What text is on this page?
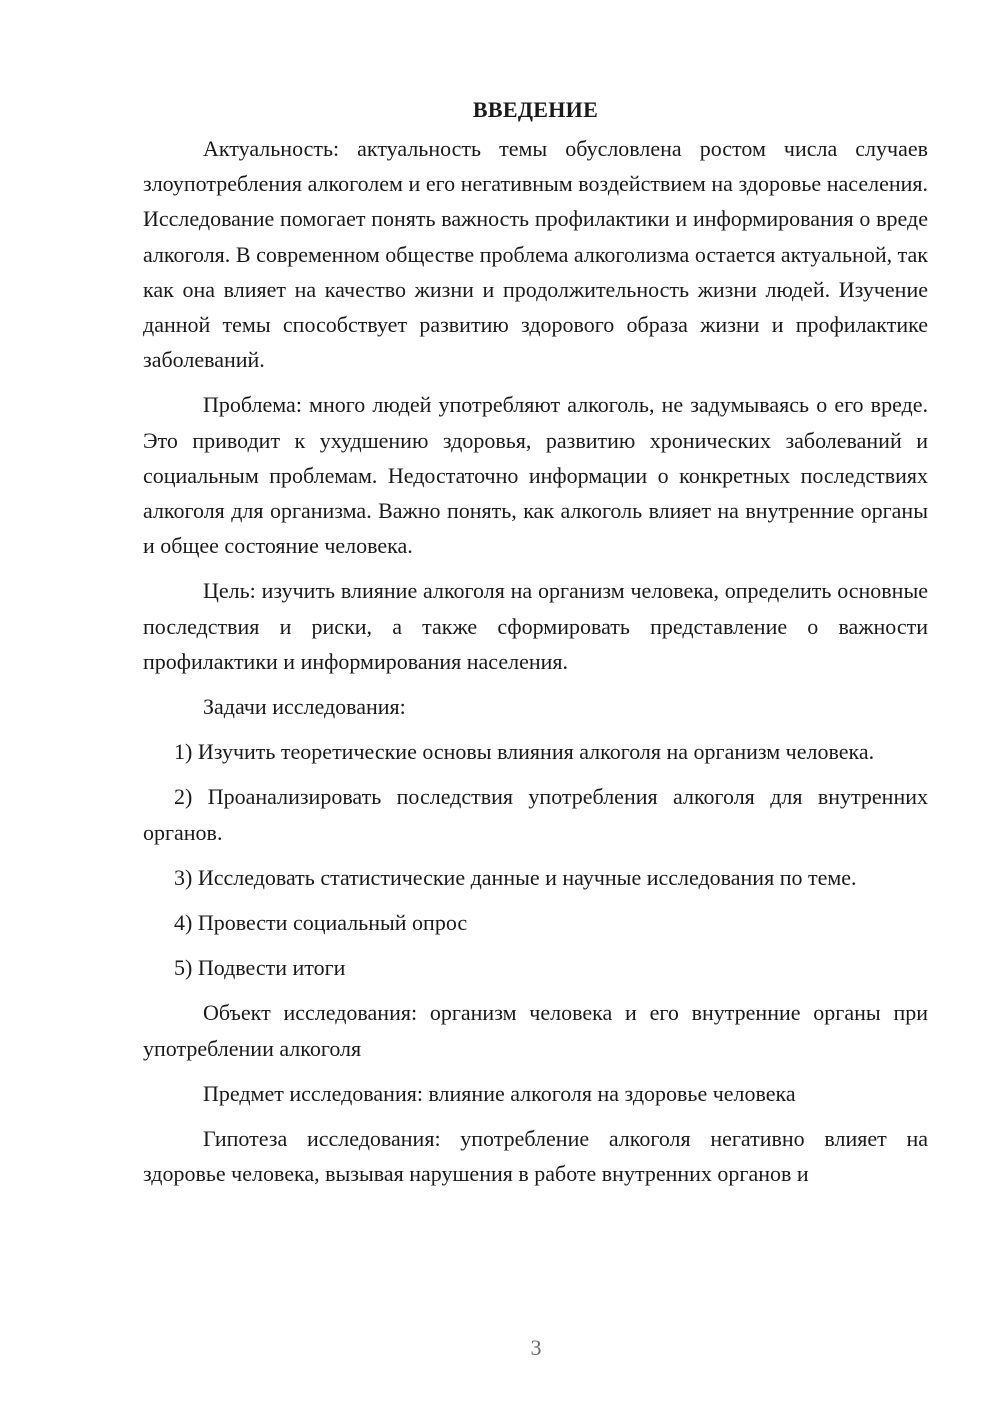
ВВЕДЕНИЕ

Актуальность: актуальность темы обусловлена ростом числа случаев злоупотребления алкоголем и его негативным воздействием на здоровье населения. Исследование помогает понять важность профилактики и информирования о вреде алкоголя. В современном обществе проблема алкоголизма остается актуальной, так как она влияет на качество жизни и продолжительность жизни людей. Изучение данной темы способствует развитию здорового образа жизни и профилактике заболеваний.

Проблема: много людей употребляют алкоголь, не задумываясь о его вреде. Это приводит к ухудшению здоровья, развитию хронических заболеваний и социальным проблемам. Недостаточно информации о конкретных последствиях алкоголя для организма. Важно понять, как алкоголь влияет на внутренние органы и общее состояние человека.

Цель: изучить влияние алкоголя на организм человека, определить основные последствия и риски, а также сформировать представление о важности профилактики и информирования населения.

Задачи исследования:

1) Изучить теоретические основы влияния алкоголя на организм человека.

2) Проанализировать последствия употребления алкоголя для внутренних органов.

3) Исследовать статистические данные и научные исследования по теме.

4) Провести социальный опрос

5) Подвести итоги

Объект исследования: организм человека и его внутренние органы при употреблении алкоголя

Предмет исследования: влияние алкоголя на здоровье человека

Гипотеза исследования: употребление алкоголя негативно влияет на здоровье человека, вызывая нарушения в работе внутренних органов и

3
